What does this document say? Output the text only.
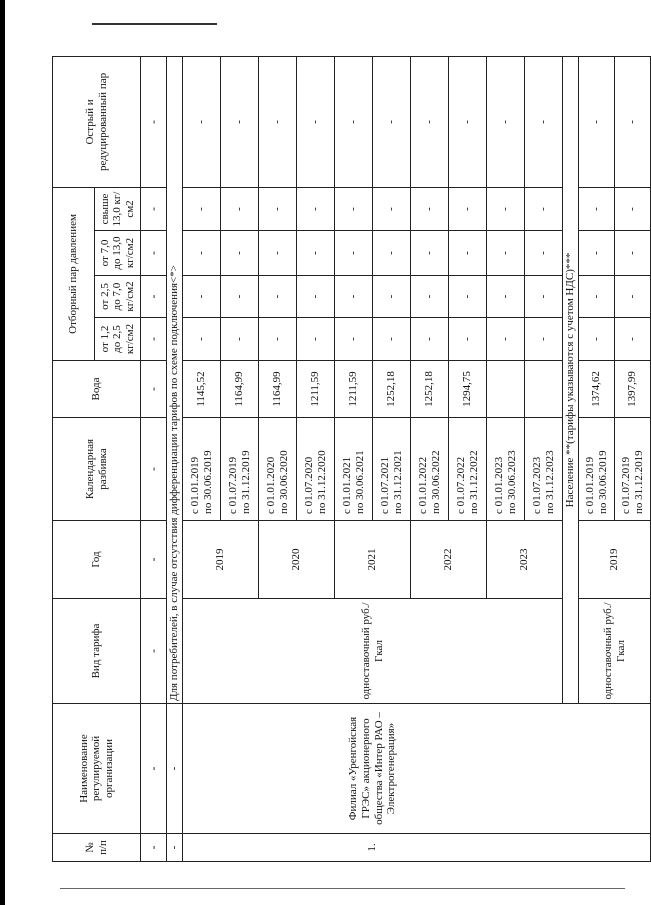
№
п/п	Наименование регулируемой организации	Вид тарифа	Год	Календарная разбивка	Вода	Отборный пар давлением				Острый и редуцированный пар
						от 1,2 до 2,5 кг/см2	от 2,5 до 7,0 кг/см2	от 7,0 до 13,0 кг/см2	свыше 13,0 кг/см2	
-	-	-	-	-	-	-	-	-	-	-
-	-	Для потребителей, в случае отсутствия дифференциации тарифов по схеме подключения<*>								
1.	Филиал «Уренгойская ГРЭС» акционерного общества «Интер РАО – Электрогенерация»	одноставочный руб./Гкал	2019	с 01.01.2019 по 30.06.2019	1145,52	-	-	-	-	-

				с 01.07.2019 по 31.12.2019	1164,99	-	-	-	-	-
			2020	с 01.01.2020 по 30.06.2020	1164,99	-	-	-	-	-

				с 01.07.2020 по 31.12.2020	1211,59	-	-	-	-	-
			2021	с 01.01.2021 по 30.06.2021	1211,59	-	-	-	-	-

				с 01.07.2021 по 31.12.2021	1252,18	-	-	-	-	-
			2022	с 01.01.2022 по 30.06.2022	1252,18	-	-	-	-	-

				с 01.07.2022 по 31.12.2022	1294,75	-	-	-	-	-
			2023	с 01.01.2023 по 30.06.2023		-	-	-	-	-

				с 01.07.2023 по 31.12.2023		-	-	-	-	-
		Население **(тарифы указываются с учетом НДС)***								
		одноставочный руб./Гкал	2019	с 01.01.2019 по 30.06.2019	1374,62	-	-	-	-	-

				с 01.07.2019 по 31.12.2019	1397,99	-	-	-	-	-
